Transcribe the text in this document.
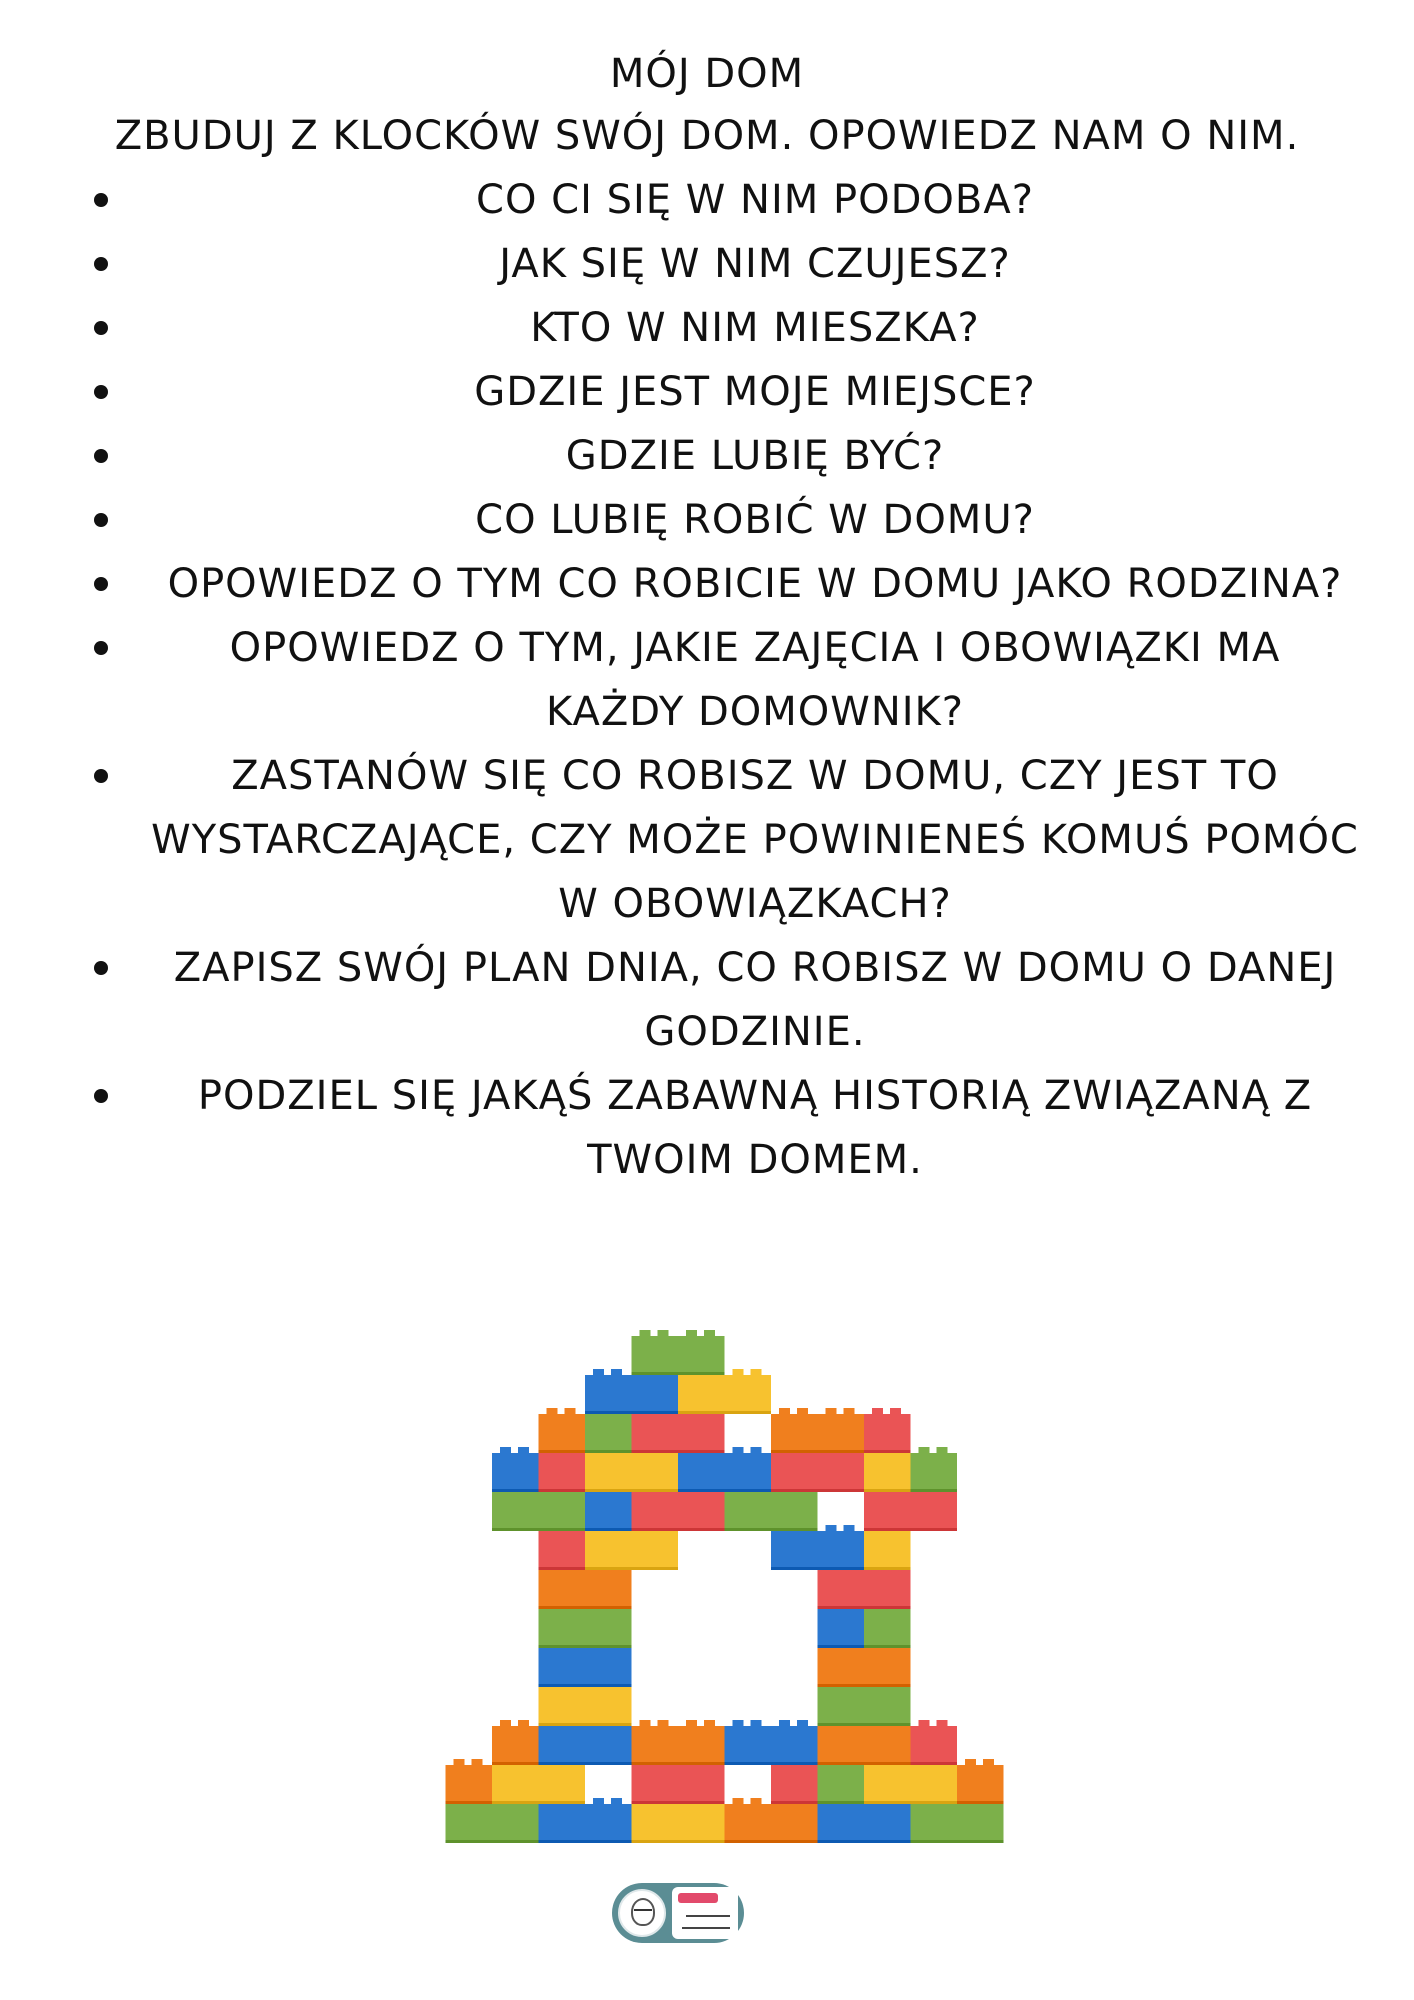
MÓJ DOM
ZBUDUJ Z KLOCKÓW SWÓJ DOM. OPOWIEDZ NAM O NIM.
CO CI SIĘ W NIM PODOBA?
JAK SIĘ W NIM CZUJESZ?
KTO W NIM MIESZKA?
GDZIE JEST MOJE MIEJSCE?
GDZIE LUBIĘ BYĆ?
CO LUBIĘ ROBIĆ W DOMU?
OPOWIEDZ O TYM CO ROBICIE W DOMU JAKO RODZINA?
OPOWIEDZ O TYM, JAKIE ZAJĘCIA I OBOWIĄZKI MA
KAŻDY DOMOWNIK?
ZASTANÓW SIĘ CO ROBISZ W DOMU, CZY JEST TO
WYSTARCZAJĄCE, CZY MOŻE POWINIENEŚ KOMUŚ POMÓC
W OBOWIĄZKACH?
ZAPISZ SWÓJ PLAN DNIA, CO ROBISZ W DOMU O DANEJ
GODZINIE.
PODZIEL SIĘ JAKĄŚ ZABAWNĄ HISTORIĄ ZWIĄZANĄ Z
TWOIM DOMEM.
